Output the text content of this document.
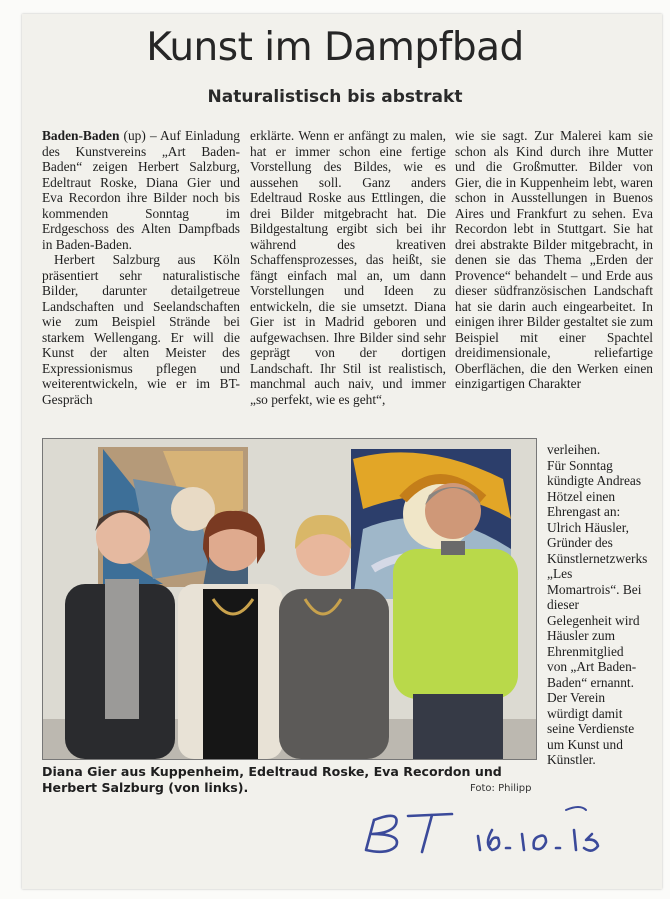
Kunst im Dampfbad
Naturalistisch bis abstrakt

Baden-Baden (up) – Auf Einladung des Kunstvereins „Art Baden-Baden“ zeigen Herbert Salzburg, Edeltraut Roske, Diana Gier und Eva Recordon ihre Bilder noch bis kommenden Sonntag im Erdgeschoss des Alten Dampfbads in Baden-Baden.

Herbert Salzburg aus Köln präsentiert sehr naturalistische Bilder, darunter detailgetreue Landschaften und Seelandschaften wie zum Beispiel Strände bei starkem Wellengang. Er will die Kunst der alten Meister des Expressionismus pflegen und weiterentwickeln, wie er im BT-Gespräch

erklärte. Wenn er anfängt zu malen, hat er immer schon eine fertige Vorstellung des Bildes, wie es aussehen soll. Ganz anders Edeltraud Roske aus Ettlingen, die drei Bilder mitgebracht hat. Die Bildgestaltung ergibt sich bei ihr während des kreativen Schaffensprozesses, das heißt, sie fängt einfach mal an, um dann Vorstellungen und Ideen zu entwickeln, die sie umsetzt. Diana Gier ist in Madrid geboren und aufgewachsen. Ihre Bilder sind sehr geprägt von der dortigen Landschaft. Ihr Stil ist realistisch, manchmal auch naiv, und immer „so perfekt, wie es geht“,

wie sie sagt. Zur Malerei kam sie schon als Kind durch ihre Mutter und die Großmutter. Bilder von Gier, die in Kuppenheim lebt, waren schon in Ausstellungen in Buenos Aires und Frankfurt zu sehen. Eva Recordon lebt in Stuttgart. Sie hat drei abstrakte Bilder mitgebracht, in denen sie das Thema „Erden der Provence“ behandelt – und Erde aus dieser südfranzösischen Landschaft hat sie darin auch eingearbeitet. In einigen ihrer Bilder gestaltet sie zum Beispiel mit einer Spachtel dreidimensionale, reliefartige Oberflächen, die den Werken einen einzigartigen Charakter

verleihen.

Für Sonntag kündigte Andreas Hötzel einen Ehrengast an: Ulrich Häusler, Gründer des Künstlernetzwerks „Les Momartrois“. Bei dieser Gelegenheit wird Häusler zum Ehrenmitglied von „Art Baden-Baden“ ernannt. Der Verein würdigt damit seine Verdienste um Kunst und Künstler.

Diana Gier aus Kuppenheim, Edeltraud Roske, Eva Recordon und Herbert Salzburg (von links).	Foto: Philipp
